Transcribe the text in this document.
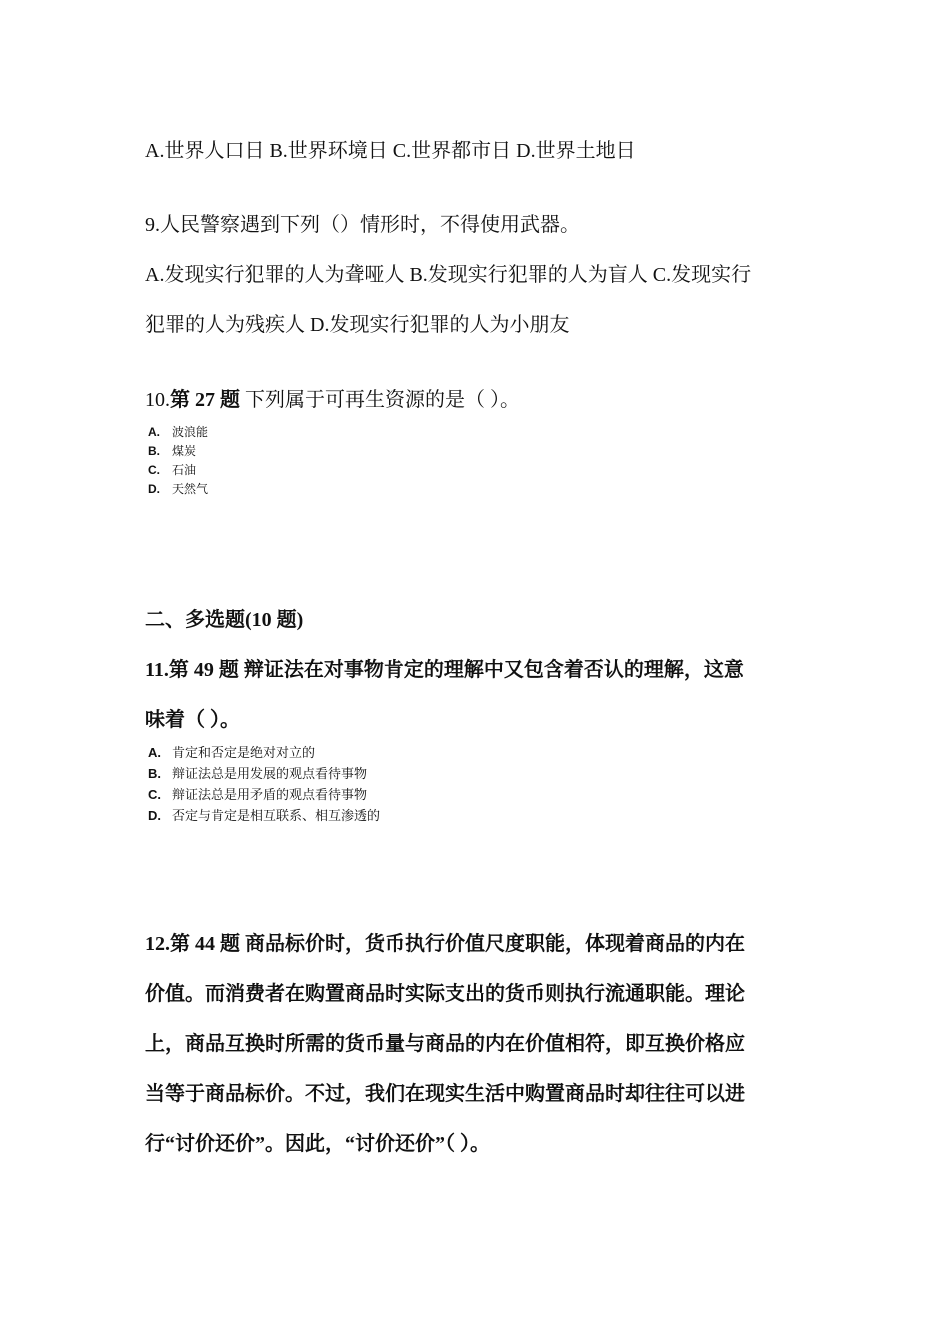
A.世界人口日 B.世界环境日 C.世界都市日 D.世界土地日
9.人民警察遇到下列（）情形时，不得使用武器。
A.发现实行犯罪的人为聋哑人 B.发现实行犯罪的人为盲人 C.发现实行
犯罪的人为残疾人 D.发现实行犯罪的人为小朋友
10.第 27 题 下列属于可再生资源的是（ ）。
A. 波浪能
B. 煤炭
C. 石油
D. 天然气
二、多选题(10 题)
11.第 49 题 辩证法在对事物肯定的理解中又包含着否认的理解，这意
味着（ ）。
A. 肯定和否定是绝对对立的
B. 辩证法总是用发展的观点看待事物
C. 辩证法总是用矛盾的观点看待事物
D. 否定与肯定是相互联系、相互渗透的
12.第 44 题 商品标价时，货币执行价值尺度职能，体现着商品的内在
价值。而消费者在购置商品时实际支出的货币则执行流通职能。理论
上，商品互换时所需的货币量与商品的内在价值相符，即互换价格应
当等于商品标价。不过，我们在现实生活中购置商品时却往往可以进
行“讨价还价”。因此，“讨价还价”（ ）。
